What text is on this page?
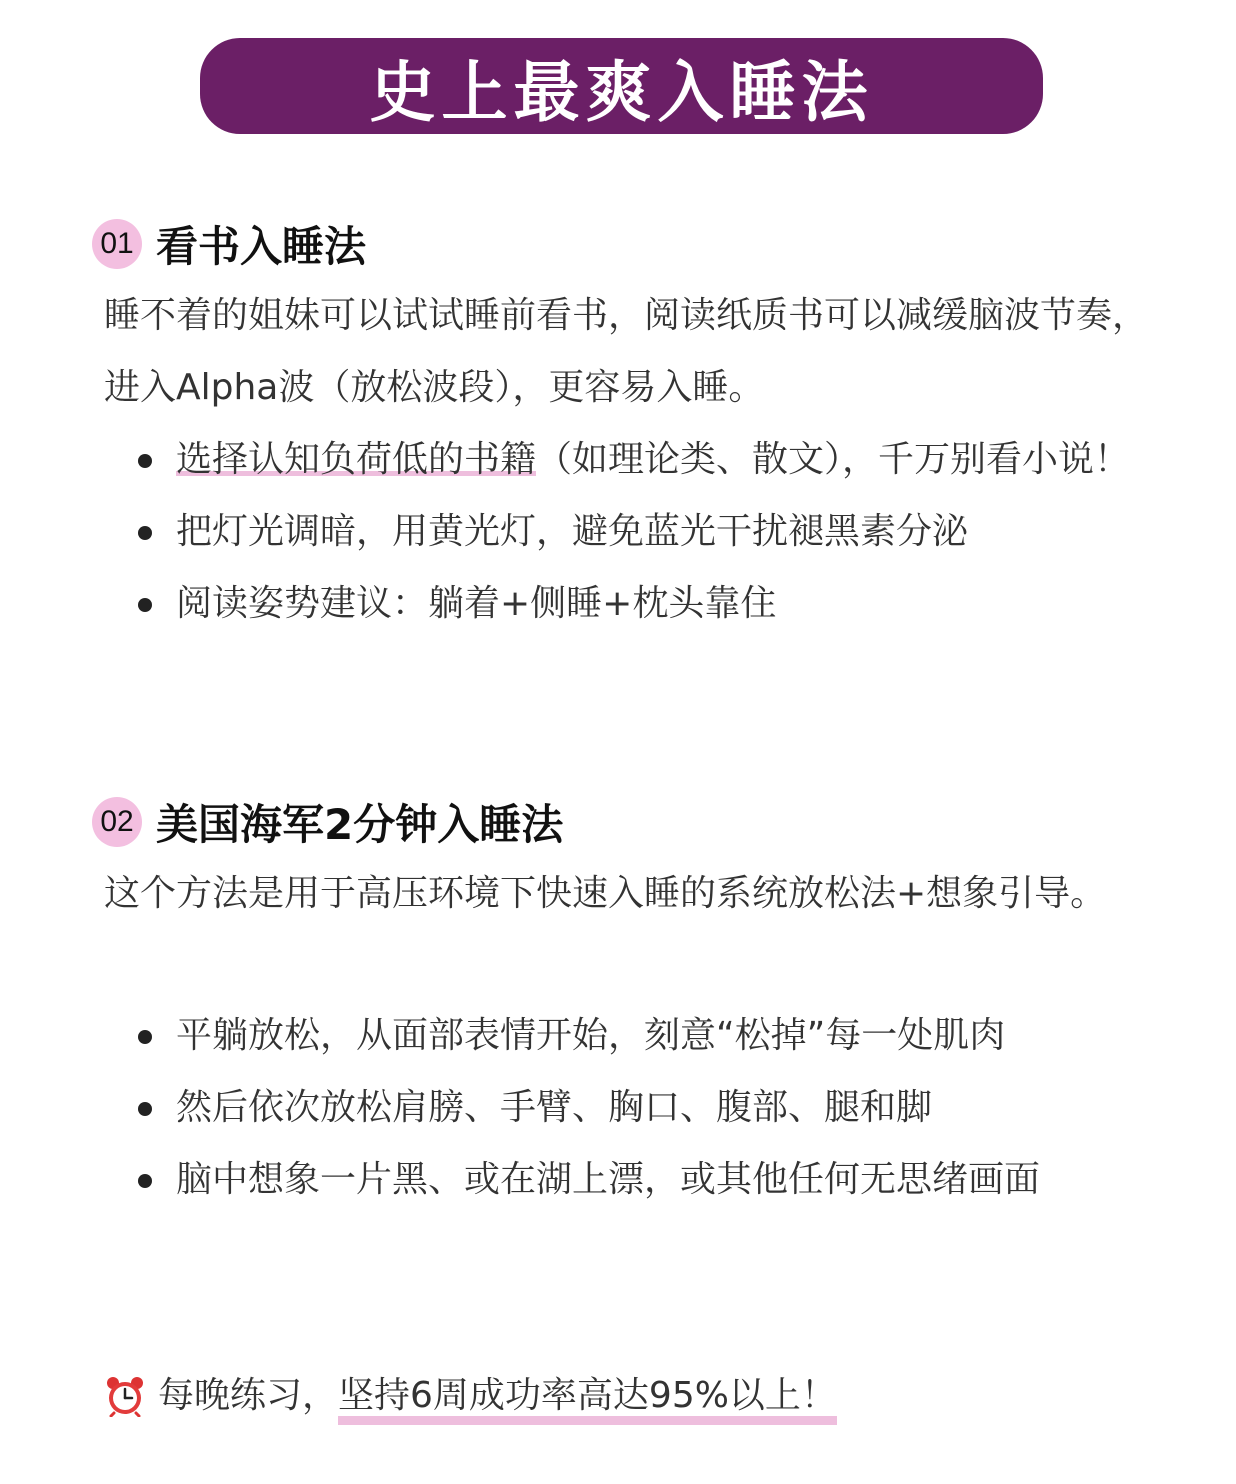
史上最爽入睡法
01 看书入睡法

睡不着的姐妹可以试试睡前看书，阅读纸质书可以减缓脑波节奏，进入Alpha波（放松波段），更容易入睡。

选择认知负荷低的书籍（如理论类、散文），千万别看小说！
把灯光调暗，用黄光灯，避免蓝光干扰褪黑素分泌
阅读姿势建议：躺着+侧睡+枕头靠住
02 美国海军2分钟入睡法

这个方法是用于高压环境下快速入睡的系统放松法+想象引导。

平躺放松，从面部表情开始，刻意“松掉”每一处肌肉
然后依次放松肩膀、手臂、胸口、腹部、腿和脚
脑中想象一片黑、或在湖上漂，或其他任何无思绪画面
每晚练习， 坚持6周成功率高达95%以上！
